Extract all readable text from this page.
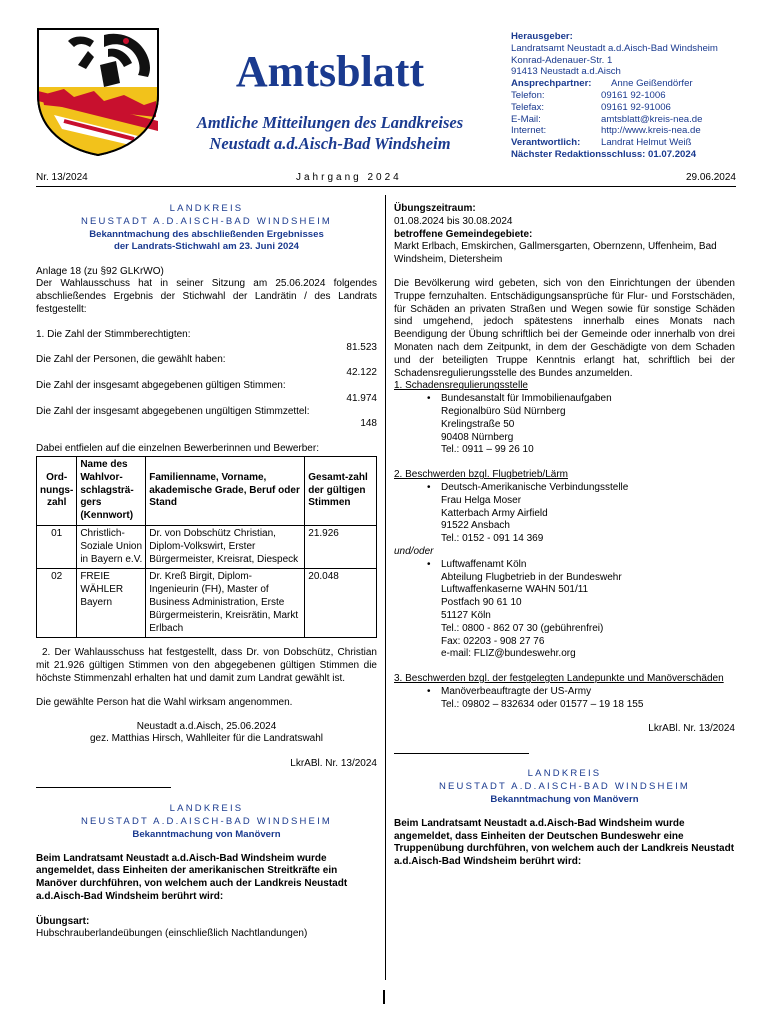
Amtsblatt
Amtliche Mitteilungen des Landkreises
Neustadt a.d.Aisch-Bad Windsheim
Herausgeber:
Landratsamt Neustadt a.d.Aisch-Bad Windsheim
Konrad-Adenauer-Str. 1
91413 Neustadt a.d.Aisch
Ansprechpartner:	Anne Geißendörfer
Telefon:	09161 92-1006
Telefax:	09161 92-91006
E-Mail:	amtsblatt@kreis-nea.de
Internet:	http://www.kreis-nea.de
Verantwortlich:	Landrat Helmut Weiß
Nächster Redaktionsschluss: 01.07.2024
Nr. 13/2024	Jahrgang 2024	29.06.2024
LANDKREIS
NEUSTADT A.D.AISCH-BAD WINDSHEIM
Bekanntmachung des abschließenden Ergebnisses
der Landrats-Stichwahl am 23. Juni 2024
Anlage 18 (zu §92 GLKrWO)
Der Wahlausschuss hat in seiner Sitzung am 25.06.2024 folgendes abschließendes Ergebnis der Stichwahl der Landrätin / des Landrats festgestellt:
1. Die Zahl der Stimmberechtigten:
81.523
Die Zahl der Personen, die gewählt haben:
42.122
Die Zahl der insgesamt abgegebenen gültigen Stimmen:
41.974
Die Zahl der insgesamt abgegebenen ungültigen Stimmzettel:
148
Dabei entfielen auf die einzelnen Bewerberinnen und Bewerber:
Ord-nungs-zahl	Name des Wahlvor-schlagsträ-gers (Kennwort)	Familienname, Vorname, akademische Grade, Beruf oder Stand	Gesamt-zahl der gültigen Stimmen
01	Christlich-Soziale Union in Bayern e.V.	Dr. von Dobschütz Christian, Diplom-Volkswirt, Erster Bürgermeister, Kreisrat, Diespeck	21.926
02	FREIE WÄHLER Bayern	Dr. Kreß Birgit, Diplom-Ingenieurin (FH), Master of Business Administration, Erste Bürgermeisterin, Kreisrätin, Markt Erlbach	20.048
2. Der Wahlausschuss hat festgestellt, dass Dr. von Dobschütz, Christian mit 21.926 gültigen Stimmen von den abgegebenen gültigen Stimmen die höchste Stimmenzahl erhalten hat und damit zum Landrat gewählt ist.
Die gewählte Person hat die Wahl wirksam angenommen.
Neustadt a.d.Aisch, 25.06.2024
gez. Matthias Hirsch, Wahlleiter für die Landratswahl
LkrABl. Nr. 13/2024
LANDKREIS
NEUSTADT A.D.AISCH-BAD WINDSHEIM
Bekanntmachung von Manövern
Beim Landratsamt Neustadt a.d.Aisch-Bad Windsheim wurde angemeldet, dass Einheiten der amerikanischen Streitkräfte ein Manöver durchführen, von welchem auch der Landkreis Neustadt a.d.Aisch-Bad Windsheim berührt wird:
Übungsart:
Hubschrauberlandeübungen (einschließlich Nachtlandungen)
Übungszeitraum:
01.08.2024 bis 30.08.2024
betroffene Gemeindegebiete:
Markt Erlbach, Emskirchen, Gallmersgarten, Obernzenn, Uffenheim, Bad Windsheim, Dietersheim
Die Bevölkerung wird gebeten, sich von den Einrichtungen der übenden Truppe fernzuhalten. Entschädigungsansprüche für Flur- und Forstschäden, für Schäden an privaten Straßen und Wegen sowie für sonstige Schäden sind umgehend, jedoch spätestens innerhalb eines Monats nach Beendigung der Übung schriftlich bei der Gemeinde oder innerhalb von drei Monaten nach dem Zeitpunkt, in dem der Geschädigte von dem Schaden und der beteiligten Truppe Kenntnis erlangt hat, schriftlich bei der Schadensregulierungsstelle des Bundes anzumelden.
1. Schadensregulierungsstelle
• Bundesanstalt für Immobilienaufgaben
Regionalbüro Süd Nürnberg
Krelingstraße 50
90408 Nürnberg
Tel.: 0911 – 99 26 10
2. Beschwerden bzgl. Flugbetrieb/Lärm
• Deutsch-Amerikanische Verbindungsstelle
Frau Helga Moser
Katterbach Army Airfield
91522 Ansbach
Tel.: 0152 - 091 14 369
und/oder
• Luftwaffenamt Köln
Abteilung Flugbetrieb in der Bundeswehr
Luftwaffenkaserne WAHN 501/11
Postfach 90 61 10
51127 Köln
Tel.: 0800 - 862 07 30 (gebührenfrei)
Fax: 02203 - 908 27 76
e-mail: FLIZ@bundeswehr.org
3. Beschwerden bzgl. der festgelegten Landepunkte und Manöverschäden
• Manöverbeauftragte der US-Army
Tel.: 09802 – 832634 oder 01577 – 19 18 155
LkrABl. Nr. 13/2024
LANDKREIS
NEUSTADT A.D.AISCH-BAD WINDSHEIM
Bekanntmachung von Manövern
Beim Landratsamt Neustadt a.d.Aisch-Bad Windsheim wurde angemeldet, dass Einheiten der Deutschen Bundeswehr eine Truppenübung durchführen, von welchem auch der Landkreis Neustadt a.d.Aisch-Bad Windsheim berührt wird:
